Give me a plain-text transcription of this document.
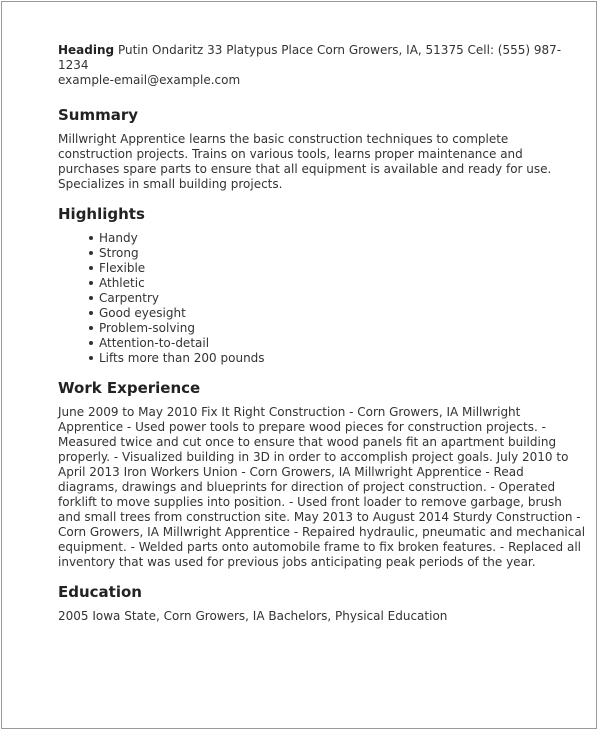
Heading Putin Ondaritz 33 Platypus Place Corn Growers, IA, 51375 Cell: (555) 987-1234

example-email@example.com

Summary

Millwright Apprentice learns the basic construction techniques to complete construction projects. Trains on various tools, learns proper maintenance and purchases spare parts to ensure that all equipment is available and ready for use. Specializes in small building projects.

Highlights
Handy
Strong
Flexible
Athletic
Carpentry
Good eyesight
Problem-solving
Attention-to-detail
Lifts more than 200 pounds
Work Experience

June 2009 to May 2010 Fix It Right Construction - Corn Growers, IA Millwright Apprentice - Used power tools to prepare wood pieces for construction projects. - Measured twice and cut once to ensure that wood panels fit an apartment building properly. - Visualized building in 3D in order to accomplish project goals. July 2010 to April 2013 Iron Workers Union - Corn Growers, IA Millwright Apprentice - Read diagrams, drawings and blueprints for direction of project construction. - Operated forklift to move supplies into position. - Used front loader to remove garbage, brush and small trees from construction site. May 2013 to August 2014 Sturdy Construction - Corn Growers, IA Millwright Apprentice - Repaired hydraulic, pneumatic and mechanical equipment. - Welded parts onto automobile frame to fix broken features. - Replaced all inventory that was used for previous jobs anticipating peak periods of the year.

Education

2005 Iowa State, Corn Growers, IA Bachelors, Physical Education
